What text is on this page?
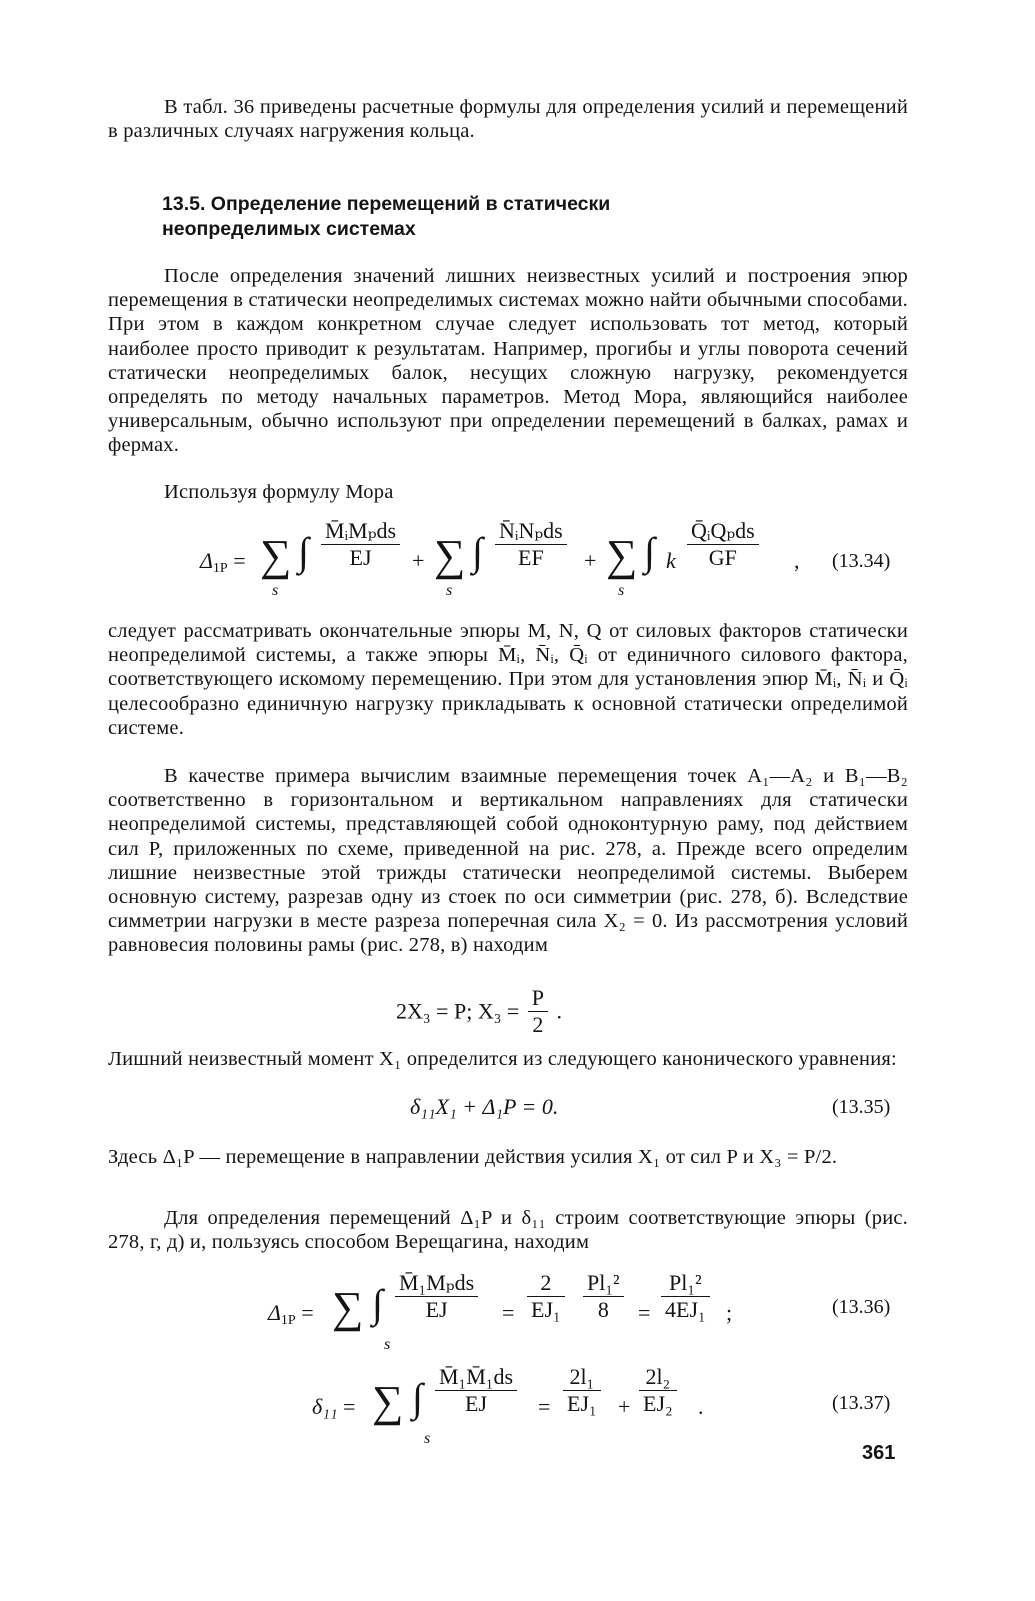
В табл. 36 приведены расчетные формулы для определения усилий и перемещений в различных случаях нагружения кольца.
13.5. Определение перемещений в статически
неопределимых системах
После определения значений лишних неизвестных усилий и построения эпюр перемещения в статически неопределимых системах можно найти обычными способами. При этом в каждом конкретном случае следует использовать тот метод, который наиболее просто приводит к результатам. Например, прогибы и углы поворота сечений статически неопределимых балок, несущих сложную нагрузку, рекомендуется определять по методу начальных параметров. Метод Мора, являющийся наиболее универсальным, обычно используют при определении перемещений в балках, рамах и фермах.
Используя формулу Мора
$\Delta_{1P}$ = ∑ ∫ M̄ᵢMₚds
EJ	+ ∑ ∫ N̄ᵢNₚds
EF	+ ∑ ∫ k
Q̄ᵢQₚds
GF	,
s	s	s
(13.34)
следует рассматривать окончательные эпюры M, N, Q от силовых факторов статически неопределимой системы, а также эпюры M̄ᵢ, N̄ᵢ, Q̄ᵢ от единичного силового фактора, соответствующего искомому перемещению. При этом для установления эпюр M̄ᵢ, N̄ᵢ и Q̄ᵢ целесообразно единичную нагрузку прикладывать к основной статически определимой системе.
В качестве примера вычислим взаимные перемещения точек A₁—A₂ и B₁—B₂ соответственно в горизонтальном и вертикальном направлениях для статически неопределимой системы, представляющей собой одноконтурную раму, под действием сил P, приложенных по схеме, приведенной на рис. 278, а. Прежде всего определим лишние неизвестные этой трижды статически неопределимой системы. Выберем основную систему, разрезав одну из стоек по оси симметрии (рис. 278, б). Вследствие симметрии нагрузки в месте разреза поперечная сила X₂ = 0. Из рассмотрения условий равновесия половины рамы (рис. 278, в) находим
2X₃ = P; $X_3 = \frac{P}{2}$ .
Лишний неизвестный момент X₁ определится из следующего канонического уравнения:
δ₁₁X₁ + Δ₁P = 0.	(13.35)
Здесь Δ₁P — перемещение в направлении действия усилия X₁ от сил P и X₃ = P/2.
Для определения перемещений Δ₁P и δ₁₁ строим соответствующие эпюры (рис. 278, г, д) и, пользуясь способом Верещагина, находим
$\Delta_{1P}$ = ∑ ∫ M̄₁Mₚds
EJ	= $\frac{2}{\text{EJ₁}} \frac{\text{Pl₁²}}{8} = \frac{\text{Pl₁²}}{\text{4EJ₁}}$ ;
s
(13.36)
δ₁₁ = ∑ ∫ $\frac{\text{M̄₁M̄₁ds}}{EJ} = \frac{\text{2l₁}}{\text{EJ₁}} + \frac{\text{2l₂}}{\text{EJ₂}}$ .
s
(13.37)
361
